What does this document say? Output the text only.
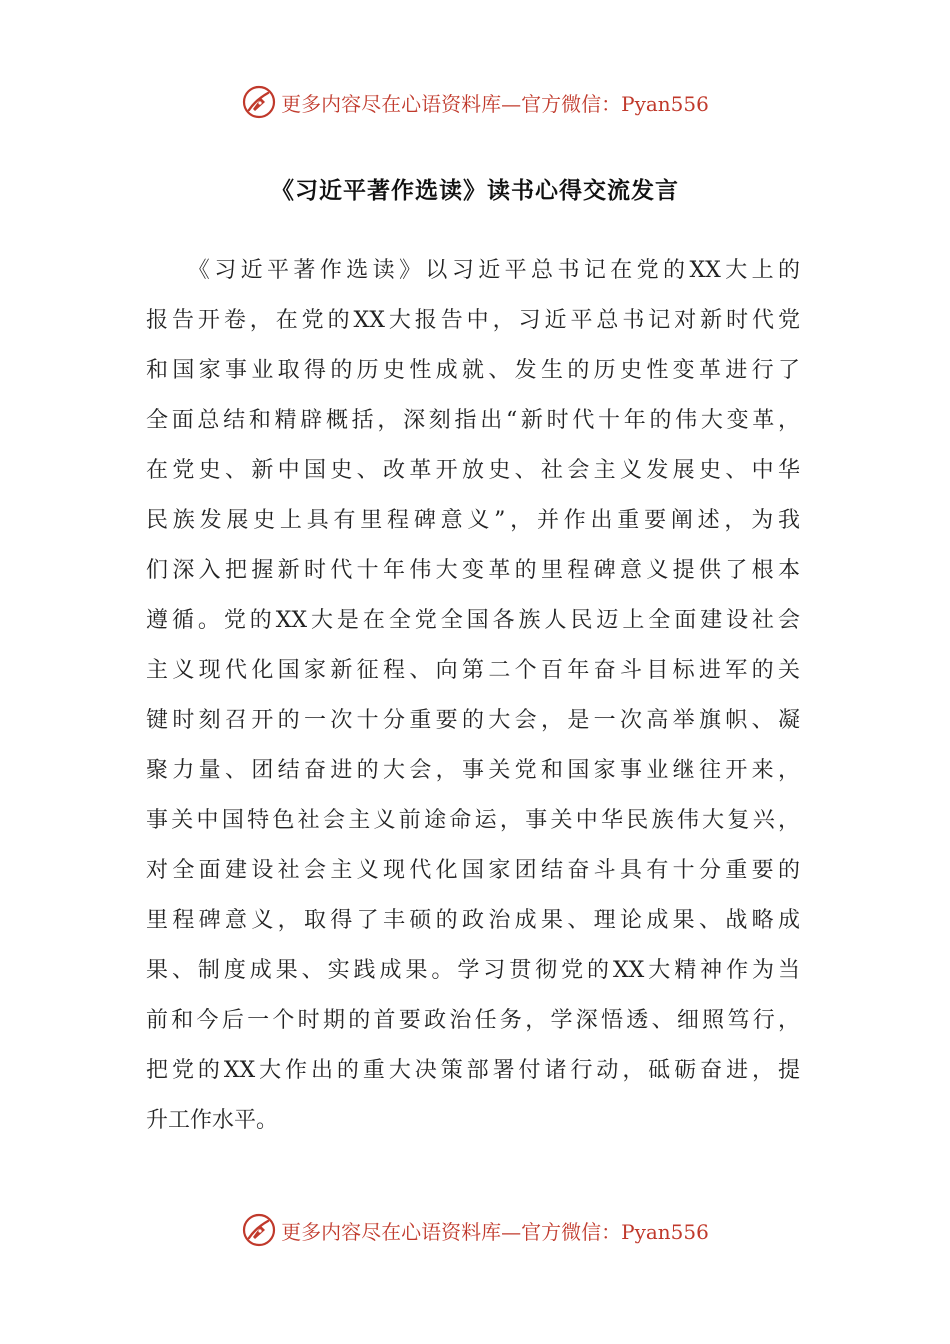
更多内容尽在心语资料库—官方微信：Pyan556
《习近平著作选读》读书心得交流发言
　　《习近平著作选读》以习近平总书记在党的XX大上的
报告开卷，在党的XX大报告中，习近平总书记对新时代党
和国家事业取得的历史性成就、发生的历史性变革进行了
全面总结和精辟概括，深刻指出“新时代十年的伟大变革，
在党史、新中国史、改革开放史、社会主义发展史、中华
民族发展史上具有里程碑意义”，并作出重要阐述，为我
们深入把握新时代十年伟大变革的里程碑意义提供了根本
遵循。党的XX大是在全党全国各族人民迈上全面建设社会
主义现代化国家新征程、向第二个百年奋斗目标进军的关
键时刻召开的一次十分重要的大会，是一次高举旗帜、凝
聚力量、团结奋进的大会，事关党和国家事业继往开来，
事关中国特色社会主义前途命运，事关中华民族伟大复兴，
对全面建设社会主义现代化国家团结奋斗具有十分重要的
里程碑意义，取得了丰硕的政治成果、理论成果、战略成
果、制度成果、实践成果。学习贯彻党的XX大精神作为当
前和今后一个时期的首要政治任务，学深悟透、细照笃行，
把党的XX大作出的重大决策部署付诸行动，砥砺奋进，提
升工作水平。
更多内容尽在心语资料库—官方微信：Pyan556
